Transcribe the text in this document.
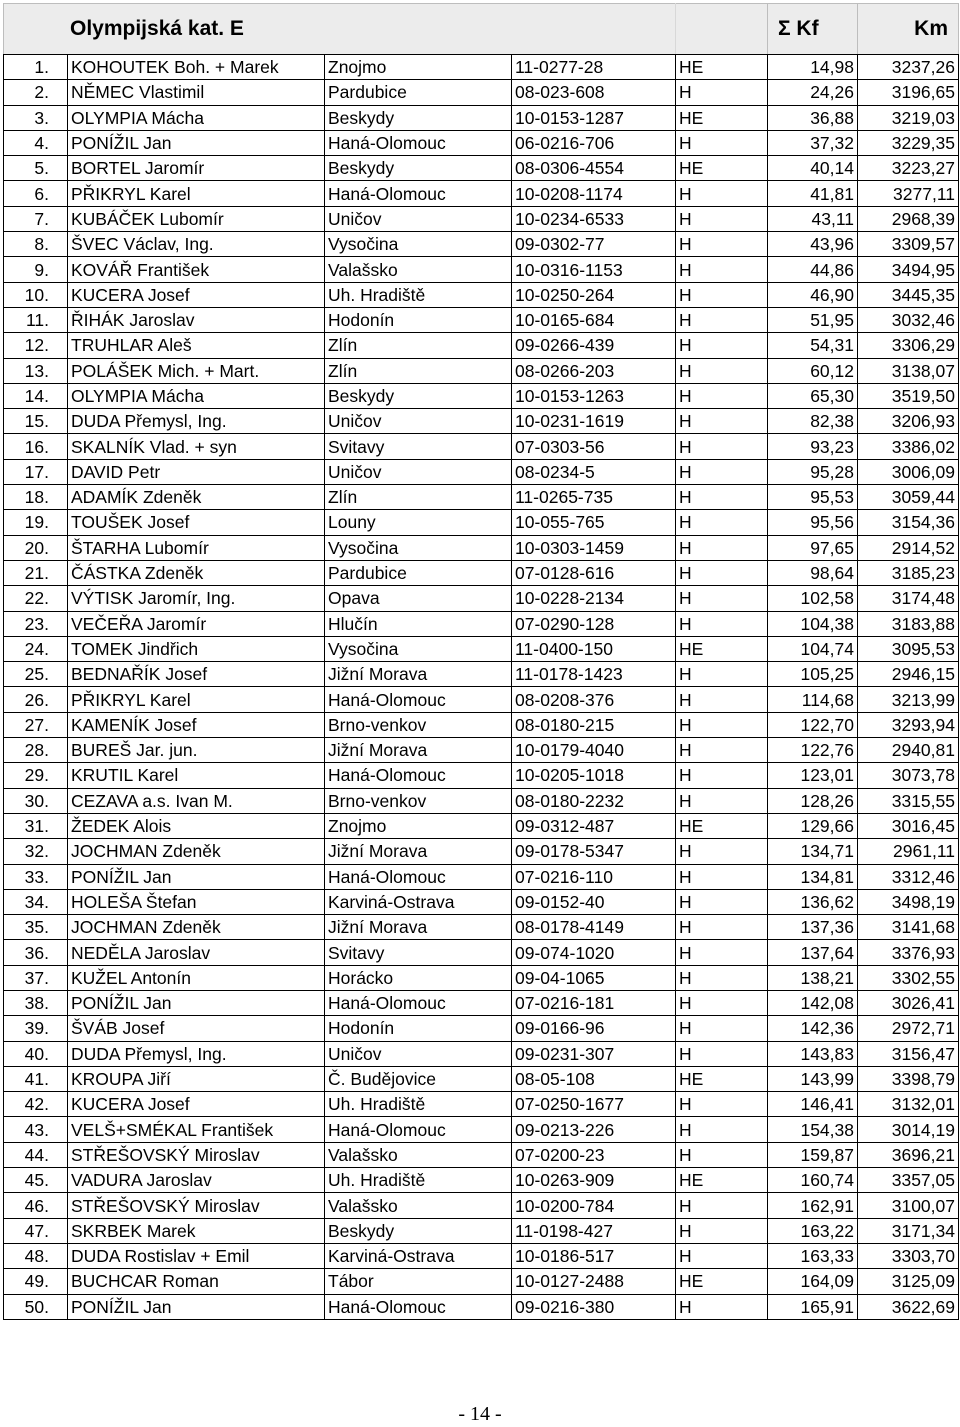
Olympijská kat. E					Σ Kf	Km
1.	KOHOUTEK Boh. + Marek	Znojmo	11-0277-28	HE	14,98	3237,26
2.	NĚMEC Vlastimil	Pardubice	08-023-608	H	24,26	3196,65
3.	OLYMPIA Mácha	Beskydy	10-0153-1287	HE	36,88	3219,03
4.	PONÍŽIL Jan	Haná-Olomouc	06-0216-706	H	37,32	3229,35
5.	BORTEL Jaromír	Beskydy	08-0306-4554	HE	40,14	3223,27
6.	PŘIKRYL Karel	Haná-Olomouc	10-0208-1174	H	41,81	3277,11
7.	KUBÁČEK Lubomír	Uničov	10-0234-6533	H	43,11	2968,39
8.	ŠVEC Václav, Ing.	Vysočina	09-0302-77	H	43,96	3309,57
9.	KOVÁŘ František	Valašsko	10-0316-1153	H	44,86	3494,95
10.	KUCERA Josef	Uh. Hradiště	10-0250-264	H	46,90	3445,35
11.	ŘIHÁK Jaroslav	Hodonín	10-0165-684	H	51,95	3032,46
12.	TRUHLAR Aleš	Zlín	09-0266-439	H	54,31	3306,29
13.	POLÁŠEK Mich. + Mart.	Zlín	08-0266-203	H	60,12	3138,07
14.	OLYMPIA Mácha	Beskydy	10-0153-1263	H	65,30	3519,50
15.	DUDA Přemysl, Ing.	Uničov	10-0231-1619	H	82,38	3206,93
16.	SKALNÍK Vlad. + syn	Svitavy	07-0303-56	H	93,23	3386,02
17.	DAVID Petr	Uničov	08-0234-5	H	95,28	3006,09
18.	ADAMÍK Zdeněk	Zlín	11-0265-735	H	95,53	3059,44
19.	TOUŠEK Josef	Louny	10-055-765	H	95,56	3154,36
20.	ŠTARHA Lubomír	Vysočina	10-0303-1459	H	97,65	2914,52
21.	ČÁSTKA Zdeněk	Pardubice	07-0128-616	H	98,64	3185,23
22.	VÝTISK Jaromír, Ing.	Opava	10-0228-2134	H	102,58	3174,48
23.	VEČEŘA Jaromír	Hlučín	07-0290-128	H	104,38	3183,88
24.	TOMEK Jindřich	Vysočina	11-0400-150	HE	104,74	3095,53
25.	BEDNAŘÍK Josef	Jižní Morava	11-0178-1423	H	105,25	2946,15
26.	PŘIKRYL Karel	Haná-Olomouc	08-0208-376	H	114,68	3213,99
27.	KAMENÍK Josef	Brno-venkov	08-0180-215	H	122,70	3293,94
28.	BUREŠ Jar. jun.	Jižní Morava	10-0179-4040	H	122,76	2940,81
29.	KRUTIL Karel	Haná-Olomouc	10-0205-1018	H	123,01	3073,78
30.	CEZAVA a.s. Ivan M.	Brno-venkov	08-0180-2232	H	128,26	3315,55
31.	ŽEDEK Alois	Znojmo	09-0312-487	HE	129,66	3016,45
32.	JOCHMAN Zdeněk	Jižní Morava	09-0178-5347	H	134,71	2961,11
33.	PONÍŽIL Jan	Haná-Olomouc	07-0216-110	H	134,81	3312,46
34.	HOLEŠA Štefan	Karviná-Ostrava	09-0152-40	H	136,62	3498,19
35.	JOCHMAN Zdeněk	Jižní Morava	08-0178-4149	H	137,36	3141,68
36.	NEDĚLA Jaroslav	Svitavy	09-074-1020	H	137,64	3376,93
37.	KUŽEL Antonín	Horácko	09-04-1065	H	138,21	3302,55
38.	PONÍŽIL Jan	Haná-Olomouc	07-0216-181	H	142,08	3026,41
39.	ŠVÁB Josef	Hodonín	09-0166-96	H	142,36	2972,71
40.	DUDA Přemysl, Ing.	Uničov	09-0231-307	H	143,83	3156,47
41.	KROUPA Jiří	Č. Budějovice	08-05-108	HE	143,99	3398,79
42.	KUCERA Josef	Uh. Hradiště	07-0250-1677	H	146,41	3132,01
43.	VELŠ+SMÉKAL František	Haná-Olomouc	09-0213-226	H	154,38	3014,19
44.	STŘEŠOVSKÝ Miroslav	Valašsko	07-0200-23	H	159,87	3696,21
45.	VADURA Jaroslav	Uh. Hradiště	10-0263-909	HE	160,74	3357,05
46.	STŘEŠOVSKÝ Miroslav	Valašsko	10-0200-784	H	162,91	3100,07
47.	SKRBEK Marek	Beskydy	11-0198-427	H	163,22	3171,34
48.	DUDA Rostislav + Emil	Karviná-Ostrava	10-0186-517	H	163,33	3303,70
49.	BUCHCAR Roman	Tábor	10-0127-2488	HE	164,09	3125,09
50.	PONÍŽIL Jan	Haná-Olomouc	09-0216-380	H	165,91	3622,69
- 14 -
